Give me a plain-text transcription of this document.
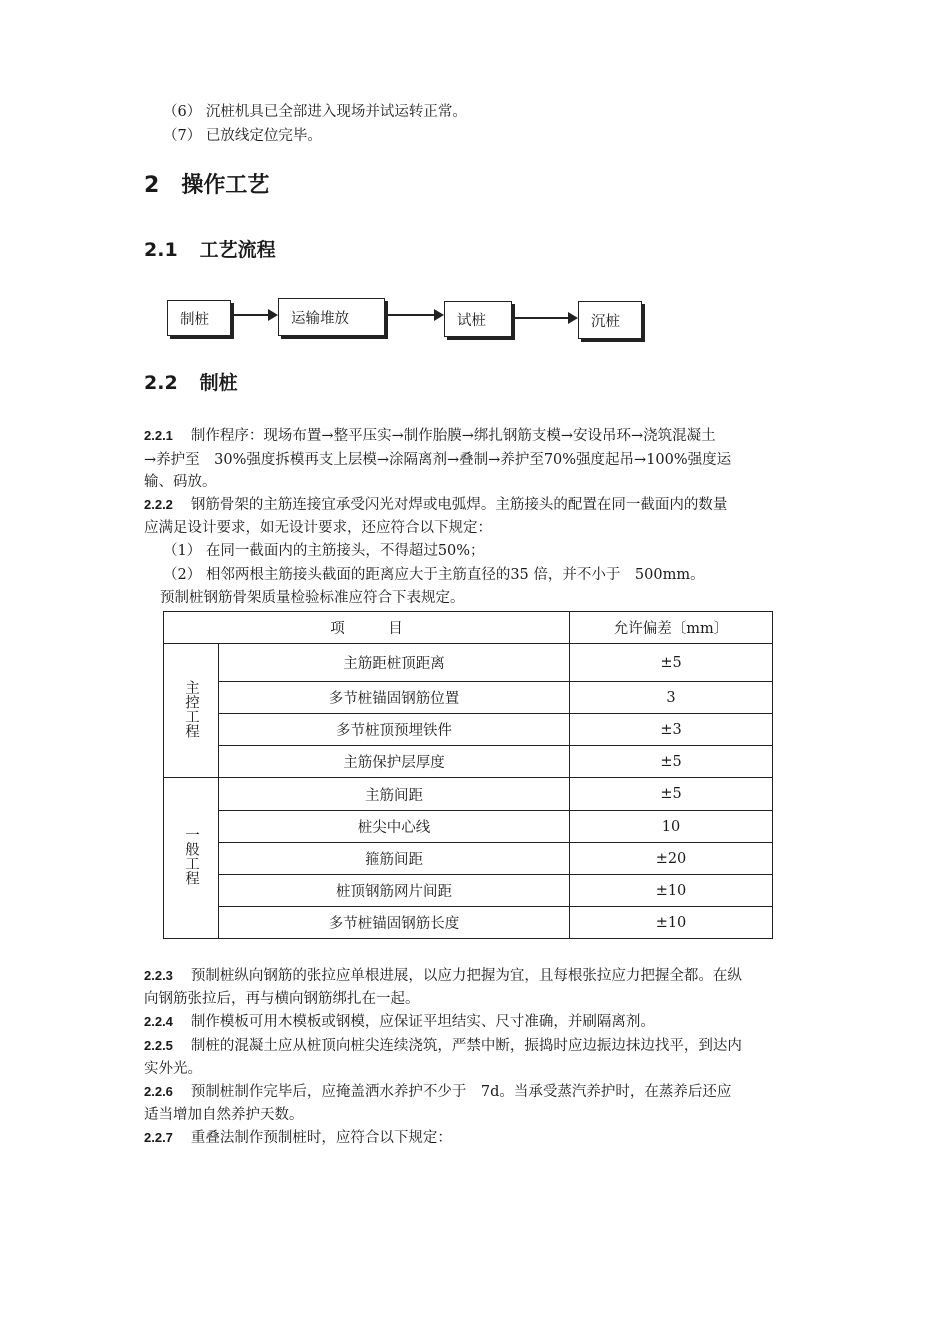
（6） 沉桩机具已全部进入现场并试运转正常。
（7） 已放线定位完毕。
2 操作工艺
2.1 工艺流程
制桩	运输堆放	试桩	沉桩
2.2 制桩
2.2.1 制作程序：现场布置→整平压实→制作胎膜→绑扎钢筋支模→安设吊环→浇筑混凝土
→养护至　30%强度拆模再支上层模→涂隔离剂→叠制→养护至70%强度起吊→100%强度运
输、码放。
2.2.2 钢筋骨架的主筋连接宜承受闪光对焊或电弧焊。主筋接头的配置在同一截面内的数量
应满足设计要求，如无设计要求，还应符合以下规定：
（1） 在同一截面内的主筋接头，不得超过50%；
（2） 相邻两根主筋接头截面的距离应大于主筋直径的35 倍，并不小于　500mm。
预制桩钢筋骨架质量检验标准应符合下表规定。
项　　　目		允许偏差〔mm〕
主控工程	主筋距桩顶距离	±5
	多节桩锚固钢筋位置	3
	多节桩顶预埋铁件	±3
	主筋保护层厚度	±5
一般工程	主筋间距	±5
	桩尖中心线	10
	箍筋间距	±20
	桩顶钢筋网片间距	±10
	多节桩锚固钢筋长度	±10
2.2.3 预制桩纵向钢筋的张拉应单根进展，以应力把握为宜，且每根张拉应力把握全都。在纵
向钢筋张拉后，再与横向钢筋绑扎在一起。
2.2.4 制作模板可用木模板或钢模，应保证平坦结实、尺寸准确，并刷隔离剂。
2.2.5 制桩的混凝土应从桩顶向桩尖连续浇筑，严禁中断，振捣时应边振边抹边找平，到达内
实外光。
2.2.6 预制桩制作完毕后，应掩盖洒水养护不少于　7d。当承受蒸汽养护时，在蒸养后还应
适当增加自然养护天数。
2.2.7 重叠法制作预制桩时，应符合以下规定：
